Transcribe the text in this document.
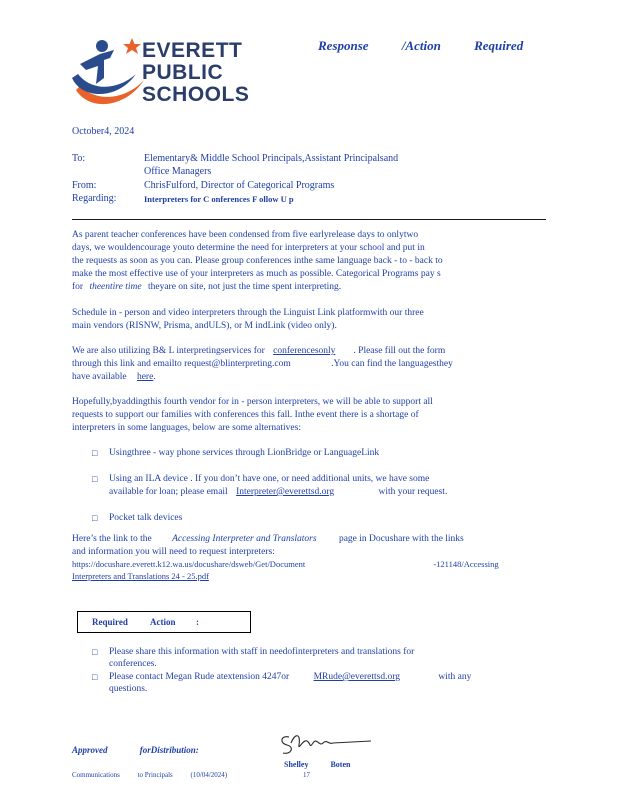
EVERETT
PUBLIC
SCHOOLS
Response	/Action	Required
October4, 2024
To:	Elementary& Middle School Principals,Assistant Principalsand
Office Managers
From:	ChrisFulford, Director of Categorical Programs
Regarding:	Interpreters for C onferences F ollow U p
As parent teacher conferences have been condensed from five earlyrelease days to onlytwo
days, we wouldencourage youto determine the need for interpreters at your school and put in
the requests as soon as you can. Please group conferences inthe same language back - to - back to
make the most effective use of your interpreters as much as possible. Categorical Programs pay s
for theentire time theyare on site, not just the time spent interpreting.
Schedule in - person and video interpreters through the Linguist Link platformwith our three
main vendors (RISNW, Prisma, andULS), or M indLink (video only).
We are also utilizing B& L interpretingservices for conferencesonly . Please fill out the form
through this link and emailto request@blinterpreting.com	.You can find the languagesthey
have available here.
Hopefully,byaddingthis fourth vendor for in - person interpreters, we will be able to support all
requests to support our families with conferences this fall. Inthe event there is a shortage of
interpreters in some languages, below are some alternatives:
□ Usingthree - way phone services through LionBridge or LanguageLink
□ Using an ILA device . If you don’t have one, or need additional units, we have some
available for loan; please email Interpreter@everettsd.org	with your request.
□ Pocket talk devices
Here’s the link to the Accessing Interpreter and Translators page in Docushare with the links
and information you will need to request interpreters:
https://docushare.everett.k12.wa.us/docushare/dsweb/Get/Document	-121148/Accessing
Interpreters and Translations 24 - 25.pdf
Required Action :
□ Please share this information with staff in needofinterpreters and translations for
conferences.
□ Please contact Megan Rude atextension 4247or	MRude@everettsd.org	with any
questions.
Approved	forDistribution:
Shelley	Boten
Communications	to Principals	(10/04/2024)	17
